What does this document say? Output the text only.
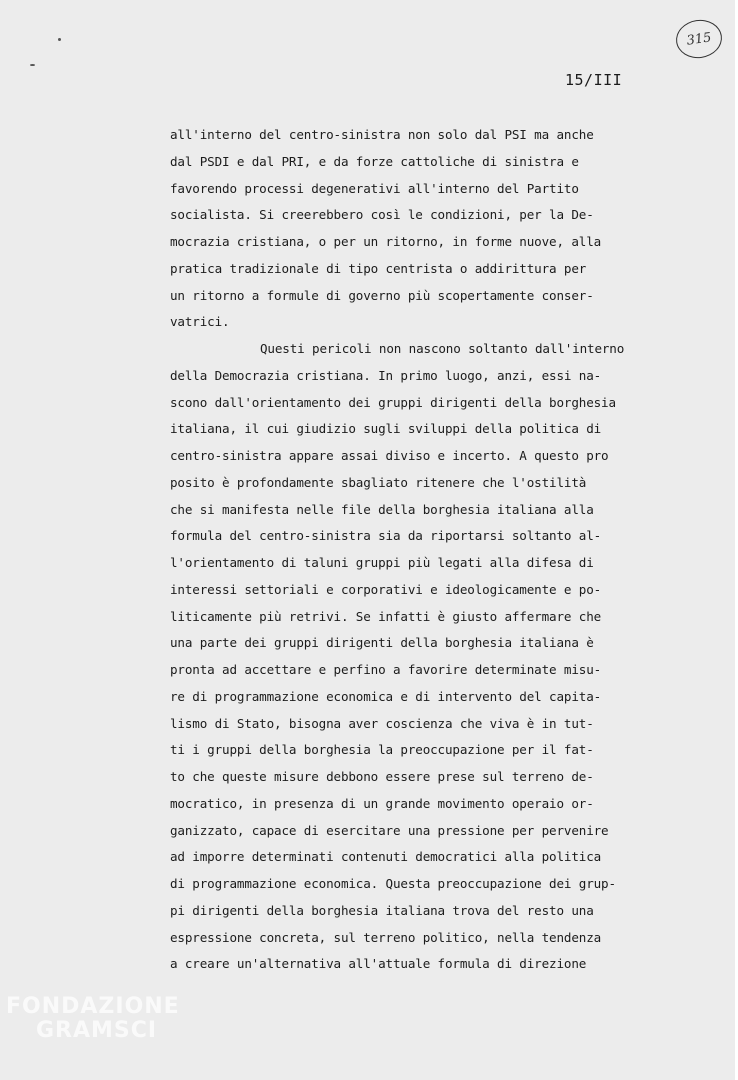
315
15/III
all'interno del centro-sinistra non solo dal PSI ma anche
dal PSDI e dal PRI, e da forze cattoliche di sinistra e
favorendo processi degenerativi all'interno del Partito
socialista. Si creerebbero così le condizioni, per la De-
mocrazia cristiana, o per un ritorno, in forme nuove, alla
pratica tradizionale di tipo centrista o addirittura per
un ritorno a formule di governo più scopertamente conser-
vatrici.
Questi pericoli non nascono soltanto dall'interno
della Democrazia cristiana. In primo luogo, anzi, essi na-
scono dall'orientamento dei gruppi dirigenti della borghesia
italiana, il cui giudizio sugli sviluppi della politica di
centro-sinistra appare assai diviso e incerto. A questo pro
posito è profondamente sbagliato ritenere che l'ostilità
che si manifesta nelle file della borghesia italiana alla
formula del centro-sinistra sia da riportarsi soltanto al-
l'orientamento di taluni gruppi più legati alla difesa di
interessi settoriali e corporativi e ideologicamente e po-
liticamente più retrivi. Se infatti è giusto affermare che
una parte dei gruppi dirigenti della borghesia italiana è
pronta ad accettare e perfino a favorire determinate misu-
re di programmazione economica e di intervento del capita-
lismo di Stato, bisogna aver coscienza che viva è in tut-
ti i gruppi della borghesia la preoccupazione per il fat-
to che queste misure debbono essere prese sul terreno de-
mocratico, in presenza di un grande movimento operaio or-
ganizzato, capace di esercitare una pressione per pervenire
ad imporre determinati contenuti democratici alla politica
di programmazione economica. Questa preoccupazione dei grup-
pi dirigenti della borghesia italiana trova del resto una
espressione concreta, sul terreno politico, nella tendenza
a creare un'alternativa all'attuale formula di direzione
FONDAZIONE
GRAMSCI
